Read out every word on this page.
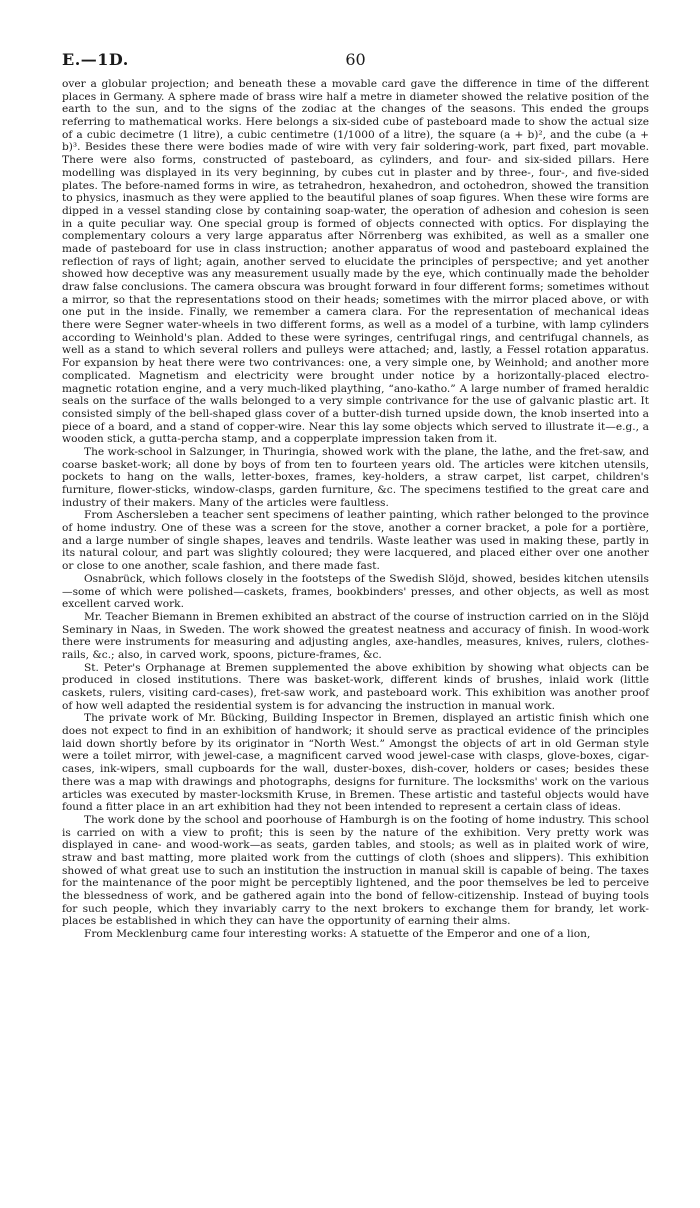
E.—1D.	60

over a globular projection; and beneath these a movable card gave the difference in time of the different places in Germany. A sphere made of brass wire half a metre in diameter showed the relative position of the earth to the sun, and to the signs of the zodiac at the changes of the seasons. This ended the groups referring to mathematical works. Here belongs a six-sided cube of pasteboard made to show the actual size of a cubic decimetre (1 litre), a cubic centimetre (1/1000 of a litre), the square (a + b)², and the cube (a + b)³. Besides these there were bodies made of wire with very fair soldering-work, part fixed, part movable. There were also forms, constructed of pasteboard, as cylinders, and four- and six-sided pillars. Here modelling was displayed in its very beginning, by cubes cut in plaster and by three-, four-, and five-sided plates. The before-named forms in wire, as tetrahedron, hexahedron, and octohedron, showed the transition to physics, inasmuch as they were applied to the beautiful planes of soap figures. When these wire forms are dipped in a vessel standing close by containing soap-water, the operation of adhesion and cohesion is seen in a quite peculiar way. One special group is formed of objects connected with optics. For displaying the complementary colours a very large apparatus after Nörrenberg was exhibited, as well as a smaller one made of pasteboard for use in class instruction; another apparatus of wood and pasteboard explained the reflection of rays of light; again, another served to elucidate the principles of perspective; and yet another showed how deceptive was any measurement usually made by the eye, which continually made the beholder draw false conclusions. The camera obscura was brought forward in four different forms; sometimes without a mirror, so that the representations stood on their heads; sometimes with the mirror placed above, or with one put in the inside. Finally, we remember a camera clara. For the representation of mechanical ideas there were Segner water-wheels in two different forms, as well as a model of a turbine, with lamp cylinders according to Weinhold's plan. Added to these were syringes, centrifugal rings, and centrifugal channels, as well as a stand to which several rollers and pulleys were attached; and, lastly, a Fessel rotation apparatus. For expansion by heat there were two contrivances: one, a very simple one, by Weinhold; and another more complicated. Magnetism and electricity were brought under notice by a horizontally-placed electro-magnetic rotation engine, and a very much-liked plaything, “ano-katho.” A large number of framed heraldic seals on the surface of the walls belonged to a very simple contrivance for the use of galvanic plastic art. It consisted simply of the bell-shaped glass cover of a butter-dish turned upside down, the knob inserted into a piece of a board, and a stand of copper-wire. Near this lay some objects which served to illustrate it—e.g., a wooden stick, a gutta-percha stamp, and a copperplate impression taken from it.

The work-school in Salzunger, in Thuringia, showed work with the plane, the lathe, and the fret-saw, and coarse basket-work; all done by boys of from ten to fourteen years old. The articles were kitchen utensils, pockets to hang on the walls, letter-boxes, frames, key-holders, a straw carpet, list carpet, children's furniture, flower-sticks, window-clasps, garden furniture, &c. The specimens testified to the great care and industry of their makers. Many of the articles were faultless.

From Aschersleben a teacher sent specimens of leather painting, which rather belonged to the province of home industry. One of these was a screen for the stove, another a corner bracket, a pole for a portière, and a large number of single shapes, leaves and tendrils. Waste leather was used in making these, partly in its natural colour, and part was slightly coloured; they were lacquered, and placed either over one another or close to one another, scale fashion, and there made fast.

Osnabrück, which follows closely in the footsteps of the Swedish Slöjd, showed, besides kitchen utensils—some of which were polished—caskets, frames, bookbinders' presses, and other objects, as well as most excellent carved work.

Mr. Teacher Biemann in Bremen exhibited an abstract of the course of instruction carried on in the Slöjd Seminary in Naas, in Sweden. The work showed the greatest neatness and accuracy of finish. In wood-work there were instruments for measuring and adjusting angles, axe-handles, measures, knives, rulers, clothes-rails, &c.; also, in carved work, spoons, picture-frames, &c.

St. Peter's Orphanage at Bremen supplemented the above exhibition by showing what objects can be produced in closed institutions. There was basket-work, different kinds of brushes, inlaid work (little caskets, rulers, visiting card-cases), fret-saw work, and pasteboard work. This exhibition was another proof of how well adapted the residential system is for advancing the instruction in manual work.

The private work of Mr. Bücking, Building Inspector in Bremen, displayed an artistic finish which one does not expect to find in an exhibition of handwork; it should serve as practical evidence of the principles laid down shortly before by its originator in “North West.” Amongst the objects of art in old German style were a toilet mirror, with jewel-case, a magnificent carved wood jewel-case with clasps, glove-boxes, cigar-cases, ink-wipers, small cupboards for the wall, duster-boxes, dish-cover, holders or cases; besides these there was a map with drawings and photographs, designs for furniture. The locksmiths' work on the various articles was executed by master-locksmith Kruse, in Bremen. These artistic and tasteful objects would have found a fitter place in an art exhibition had they not been intended to represent a certain class of ideas.

The work done by the school and poorhouse of Hamburgh is on the footing of home industry. This school is carried on with a view to profit; this is seen by the nature of the exhibition. Very pretty work was displayed in cane- and wood-work—as seats, garden tables, and stools; as well as in plaited work of wire, straw and bast matting, more plaited work from the cuttings of cloth (shoes and slippers). This exhibition showed of what great use to such an institution the instruction in manual skill is capable of being. The taxes for the maintenance of the poor might be perceptibly lightened, and the poor themselves be led to perceive the blessedness of work, and be gathered again into the bond of fellow-citizenship. Instead of buying tools for such people, which they invariably carry to the next brokers to exchange them for brandy, let work-places be established in which they can have the opportunity of earning their alms.

From Mecklenburg came four interesting works: A statuette of the Emperor and one of a lion,
